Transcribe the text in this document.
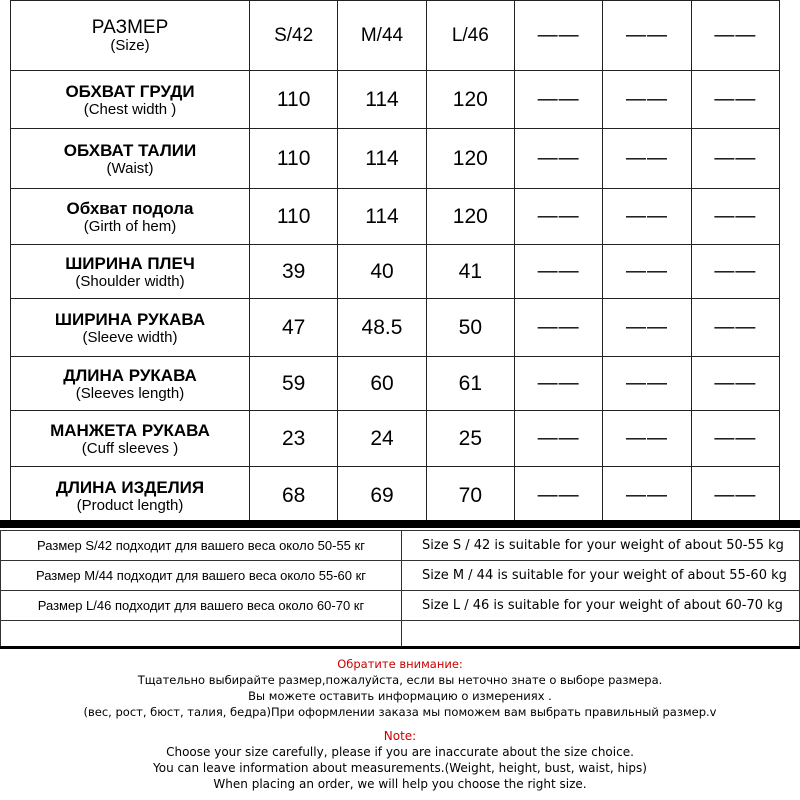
РАЗМЕР
(Size)	S/42	M/44	L/46	——	——	——

ОБХВАТ ГРУДИ
(Chest width )	110	114	120	——	——	——

ОБХВАТ ТАЛИИ
(Waist)	110	114	120	——	——	——

Обхват подола
(Girth of hem)	110	114	120	——	——	——

ШИРИНА ПЛЕЧ
(Shoulder width)	39	40	41	——	——	——

ШИРИНА РУКАВА
(Sleeve width)	47	48.5	50	——	——	——

ДЛИНА РУКАВА
(Sleeves length)	59	60	61	——	——	——

МАНЖЕТА РУКАВА
(Cuff sleeves )	23	24	25	——	——	——

ДЛИНА ИЗДЕЛИЯ
(Product length)	68	69	70	——	——	——
Размер S/42 подходит для вашего веса около 50-55 кг	Size S / 42 is suitable for your weight of about 50-55 kg
Размер M/44 подходит для вашего веса около 55-60 кг	Size M / 44 is suitable for your weight of about 55-60 kg
Размер L/46 подходит для вашего веса около 60-70 кг	Size L / 46 is suitable for your weight of about 60-70 kg

Обратите внимание:
Тщательно выбирайте размер,пожалуйста, если вы неточно знате о выборе размера.
Вы можете оставить информацию о измерениях .
(вес, рост, бюст, талия, бедра)При оформлении заказа мы поможем вам выбрать правильный размер.v
Note:
Choose your size carefully, please if you are inaccurate about the size choice.
You can leave information about measurements.(Weight, height, bust, waist, hips)
When placing an order, we will help you choose the right size.
